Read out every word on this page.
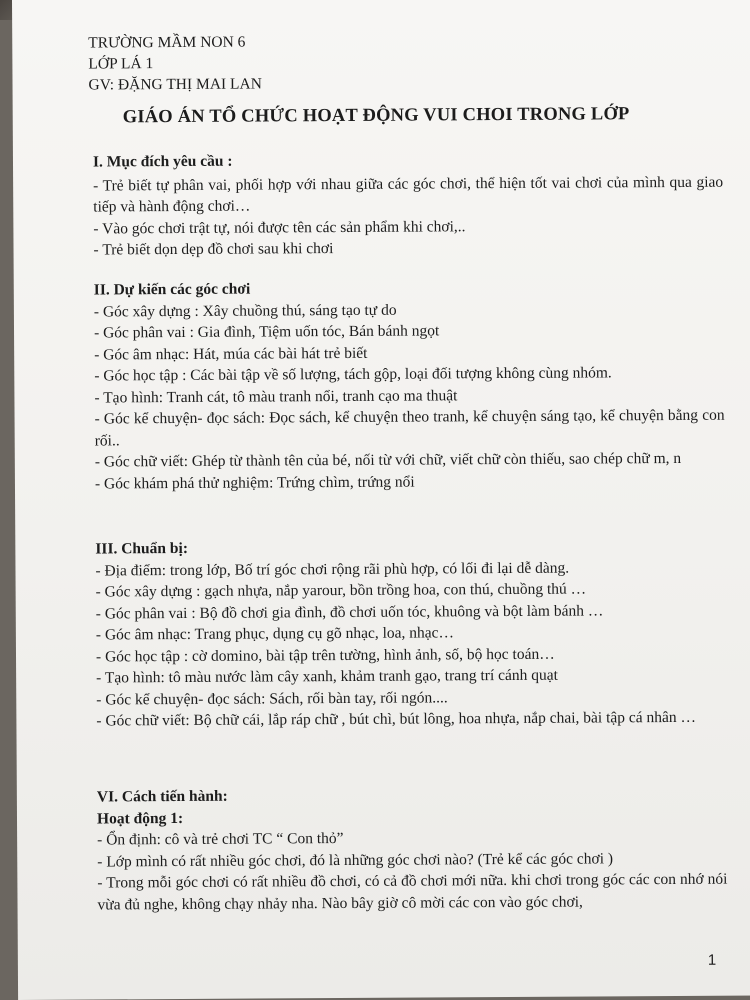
TRƯỜNG MẦM NON 6
LỚP LÁ 1
GV: ĐẶNG THỊ MAI LAN
GIÁO ÁN TỔ CHỨC HOẠT ĐỘNG VUI CHOI TRONG LỚP
I. Mục đích yêu cầu :
- Trẻ biết tự phân vai, phối hợp với nhau giữa các góc chơi, thể hiện tốt vai chơi của mình qua giao tiếp và hành động chơi…
- Vào góc chơi trật tự, nói được tên các sản phẩm khi chơi,..
- Trẻ biết dọn dẹp đồ chơi sau khi chơi
II. Dự kiến các góc chơi
- Góc xây dựng : Xây chuồng thú, sáng tạo tự do
- Góc phân vai : Gia đình, Tiệm uốn tóc, Bán bánh ngọt
- Góc âm nhạc: Hát, múa các bài hát trẻ biết
- Góc học tập : Các bài tập về số lượng, tách gộp, loại đối tượng không cùng nhóm.
- Tạo hình: Tranh cát, tô màu tranh nổi, tranh cạo ma thuật
- Góc kể chuyện- đọc sách: Đọc sách, kể chuyện theo tranh, kể chuyện sáng tạo, kể chuyện bằng con rối..
- Góc chữ viết: Ghép từ thành tên của bé, nối từ với chữ, viết chữ còn thiếu, sao chép chữ m, n
- Góc khám phá thử nghiệm: Trứng chìm, trứng nổi
III. Chuẩn bị:
- Địa điểm: trong lớp, Bố trí góc chơi rộng rãi phù hợp, có lối đi lại dễ dàng.
- Góc xây dựng : gạch nhựa, nắp yarour, bồn trồng hoa, con thú, chuồng thú …
- Góc phân vai : Bộ đồ chơi gia đình, đồ chơi uốn tóc, khuông và bột làm bánh …
- Góc âm nhạc: Trang phục, dụng cụ gõ nhạc, loa, nhạc…
- Góc học tập : cờ domino, bài tập trên tường, hình ảnh, số, bộ học toán…
- Tạo hình: tô màu nước làm cây xanh, khảm tranh gạo, trang trí cánh quạt
- Góc kể chuyện- đọc sách: Sách, rối bàn tay, rối ngón....
- Góc chữ viết: Bộ chữ cái, lắp ráp chữ , bút chì, bút lông, hoa nhựa, nắp chai, bài tập cá nhân …
VI. Cách tiến hành:
Hoạt động 1:
- Ổn định: cô và trẻ chơi TC “ Con thỏ”
- Lớp mình có rất nhiều góc chơi, đó là những góc chơi nào? (Trẻ kể các góc chơi )
- Trong mỗi góc chơi có rất nhiều đồ chơi, có cả đồ chơi mới nữa. khi chơi trong góc các con nhớ nói vừa đủ nghe, không chạy nhảy nha. Nào bây giờ cô mời các con vào góc chơi,
1
